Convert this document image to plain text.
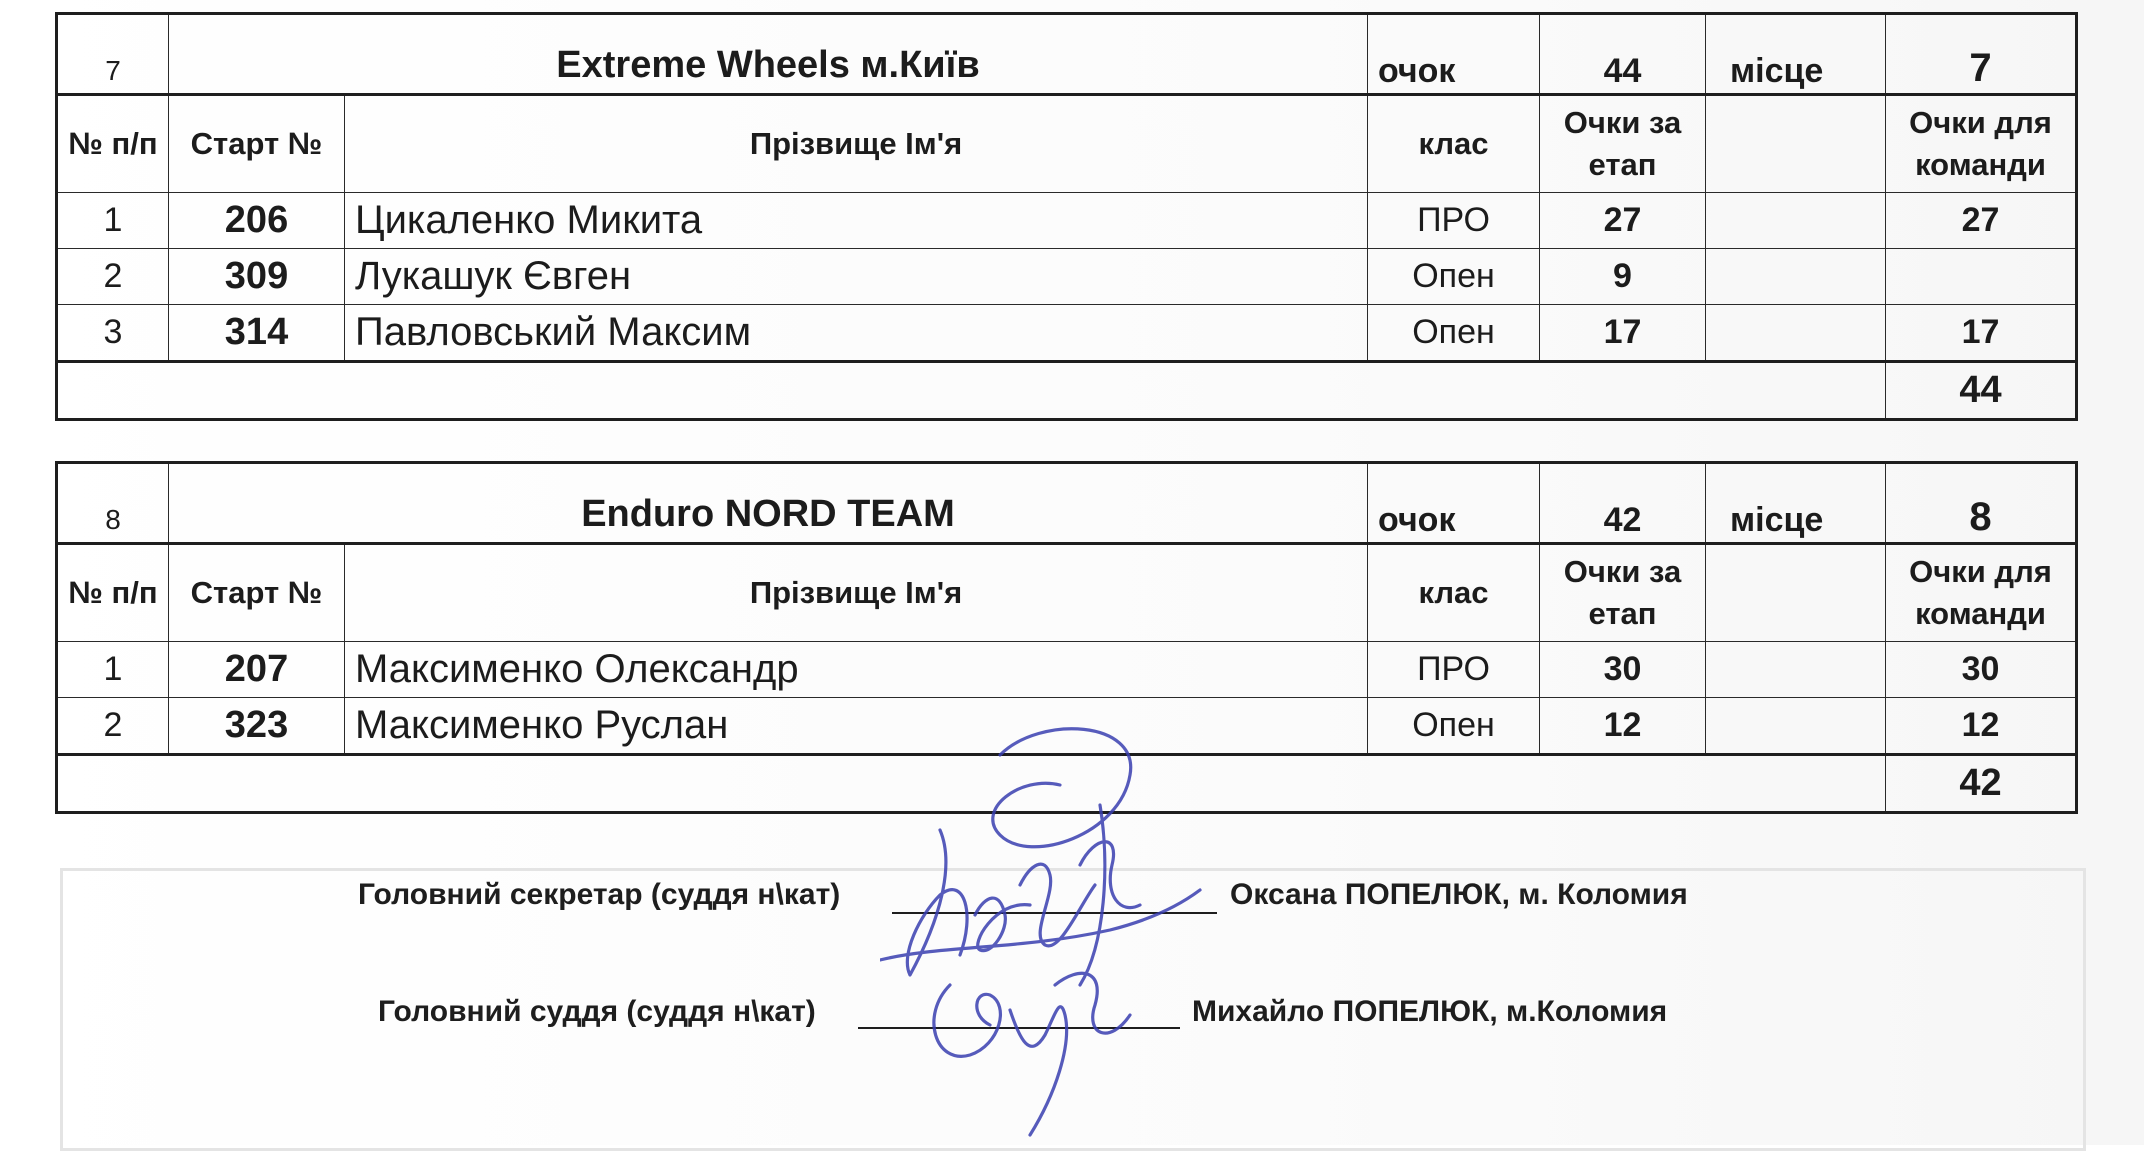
7	Extreme Wheels м.Київ		очок	44	місце	7
№ п/п	Старт №	Прізвище Ім'я	клас	Очки за етап		Очки для команди
1	206	Цикаленко Микита	ПРО	27		27
2	309	Лукашук Євген	Опен	9		
3	314	Павловський Максим	Опен	17		17
						44
8	Enduro NORD TEAM		очок	42	місце	8
№ п/п	Старт №	Прізвище Ім'я	клас	Очки за етап		Очки для команди
1	207	Максименко Олександр	ПРО	30		30
2	323	Максименко Руслан	Опен	12		12
						42
Головний секретар (суддя н\кат)	Оксана ПОПЕЛЮК, м. Коломия
Головний суддя (суддя н\кат)	Михайло ПОПЕЛЮК, м.Коломия
